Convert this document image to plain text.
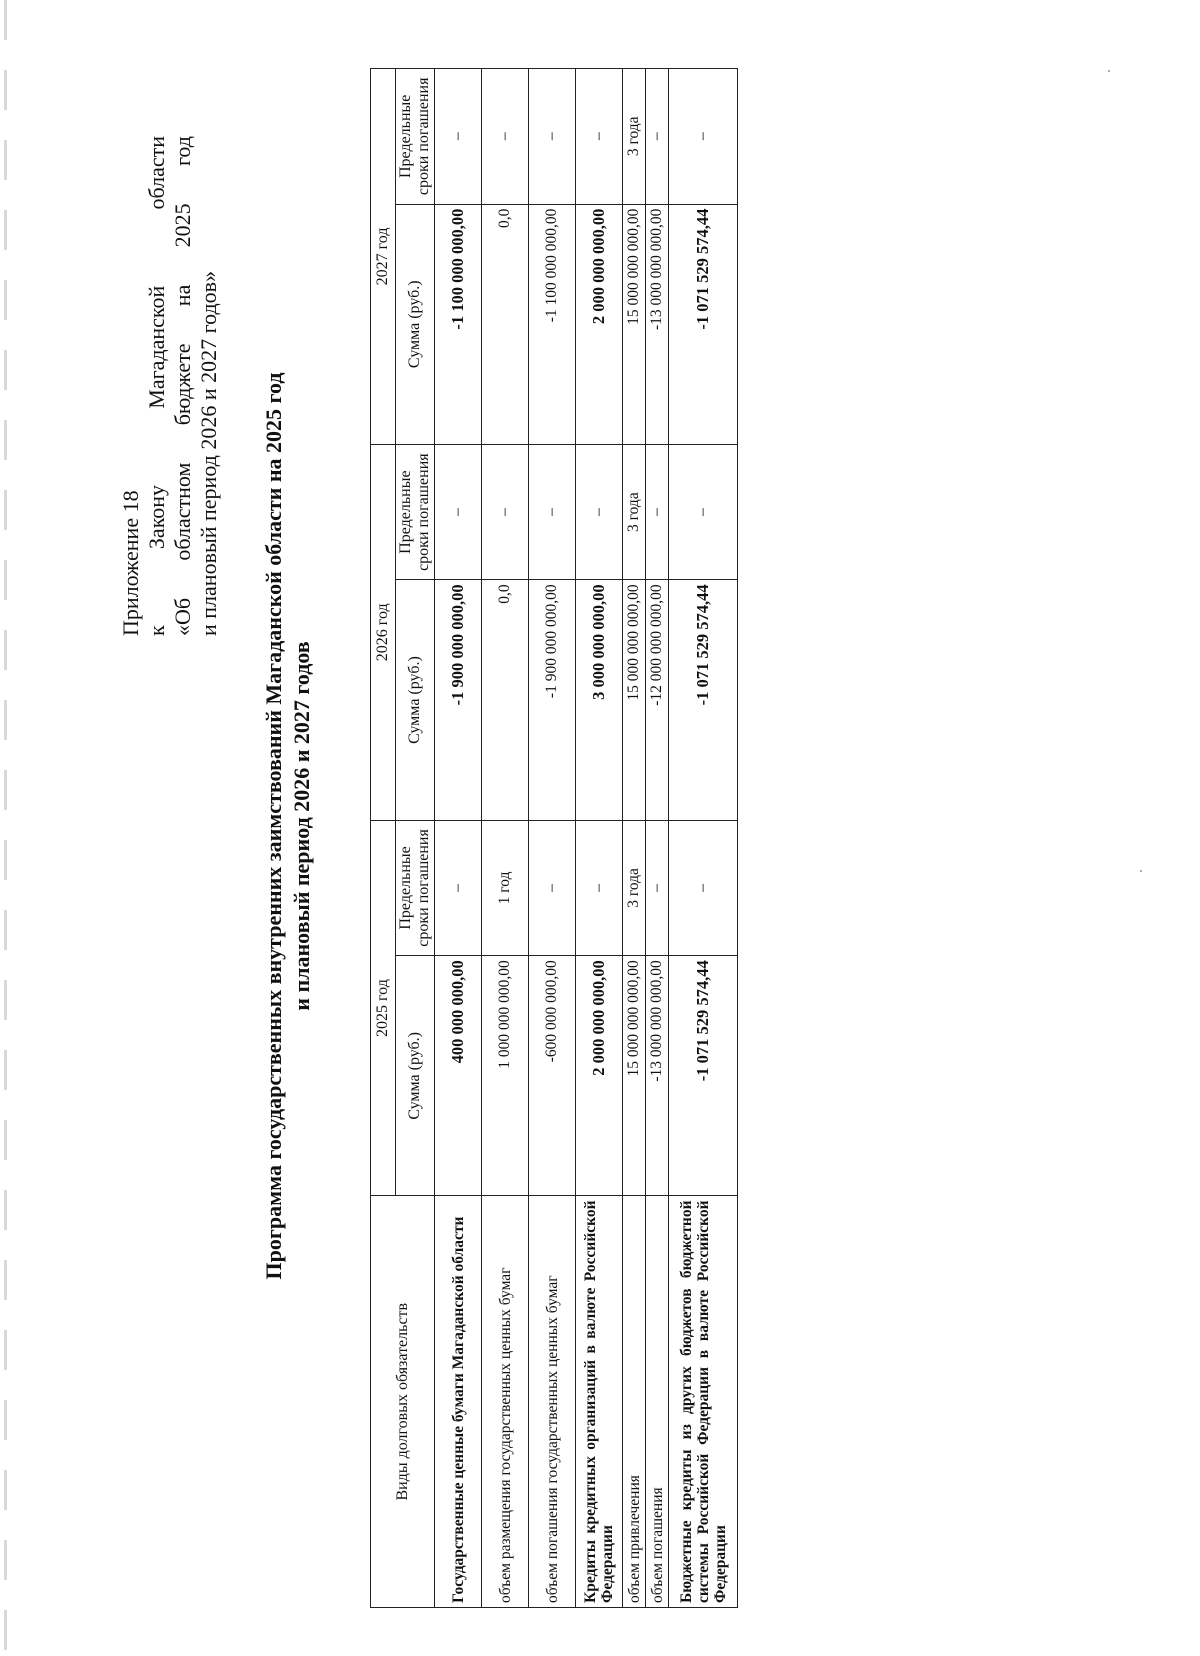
Приложение 18 к Закону Магаданской области «Об областном бюджете на 2025 год и плановый период 2026 и 2027 годов» Программа государственных внутренних заимствований Магаданской области на 2025 год и плановый период 2026 и 2027 годов
Виды долговых обязательств	2025 год		2026 год		2027 год	
	Сумма (руб.)	Предельные сроки погашения	Сумма (руб.)	Предельные сроки погашения	Сумма (руб.)	Предельные сроки погашения
Государственные ценные бумаги Магаданской области	400 000 000,00	–	-1 900 000 000,00	–	-1 100 000 000,00	–
объем размещения государственных ценных бумаг	1 000 000 000,00	1 год	0,0	–	0,0	–
объем погашения государственных ценных бумаг	-600 000 000,00	–	-1 900 000 000,00	–	-1 100 000 000,00	–
Кредиты кредитных организаций в валюте Российской Федерации	2 000 000 000,00	–	3 000 000 000,00	–	2 000 000 000,00	–
объем привлечения	15 000 000 000,00	3 года	15 000 000 000,00	3 года	15 000 000 000,00	3 года
объем погашения	-13 000 000 000,00	–	-12 000 000 000,00	–	-13 000 000 000,00	–
Бюджетные кредиты из других бюджетов бюджетной системы Российской Федерации в валюте Российской Федерации	-1 071 529 574,44	–	-1 071 529 574,44	–	-1 071 529 574,44	–
